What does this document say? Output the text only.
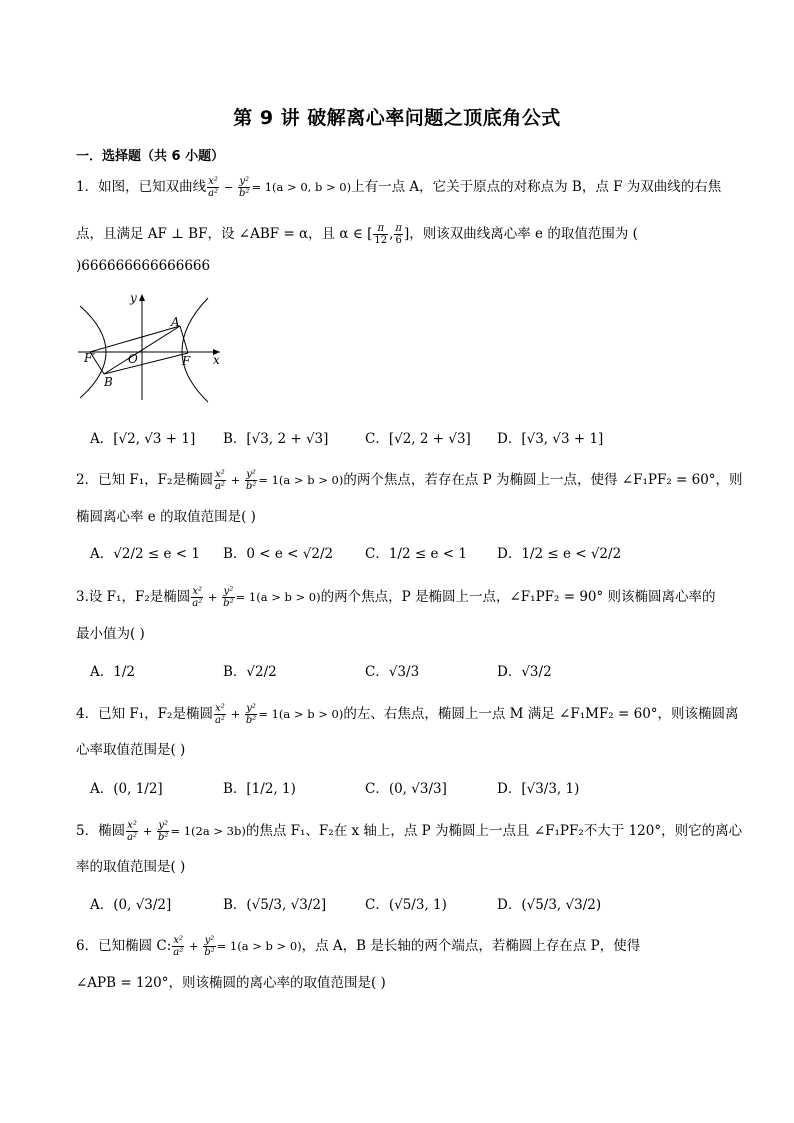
第 9 讲 破解离心率问题之顶底角公式
一．选择题（共 6 小题）
1．如图，已知双曲线 $\frac{\text{x²}}{\text{a²}} - \frac{\text{y²}}{\text{b²}} = 1(a > 0$, b > 0)上有一点 A，它关于原点的对称点为 B，点 F 为双曲线的右焦
点，且满足 AF ⊥ BF，设 ∠ABF = α，且 α ∈ [ $\frac{\pi}{12}$ , $\frac{\pi}{6}$ ]，则该双曲线离心率 e 的取值范围为 (
)666666666666666
y
x
A
B
O	F
F′
A．[√2, √3 + 1] B．[√3, 2 + √3]	C．[√2, 2 + √3] D．[√3, √3 + 1]
2．已知 F₁，F₂是椭圆 $\frac{\text{x²}}{\text{a²}} + \frac{\text{y²}}{\text{b²}} = 1(a > b > 0)$的两个焦点，若存在点 P 为椭圆上一点，使得 ∠F₁PF₂ = 60°，则
椭圆离心率 e 的取值范围是( )
A．√2/2 ≤ e < 1 B．0 < e < √2/2 C．1/2 ≤ e < 1 D．1/2 ≤ e < √2/2
3.设 F₁，F₂是椭圆 $\frac{\text{x²}}{\text{a²}} + \frac{\text{y²}}{\text{b²}} = 1(a > b > 0)$的两个焦点，P 是椭圆上一点，∠F₁PF₂ = 90° 则该椭圆离心率的
最小值为( )
A．1/2	B．√2/2	C．√3/3	D．√3/2
4．已知 F₁，F₂是椭圆 $\frac{\text{x²}}{\text{a²}} + \frac{\text{y²}}{\text{b²}} = 1(a > b > 0)$的左、右焦点，椭圆上一点 M 满足 ∠F₁MF₂ = 60°，则该椭圆离
心率取值范围是( )
A．(0, 1/2]	B．[1/2, 1)	C．(0, √3/3]	D．[√3/3, 1)
5．椭圆 $\frac{\text{x²}}{\text{a²}} + \frac{\text{y²}}{\text{b²}} = 1(2a > 3b)$的焦点 F₁、F₂在 x 轴上，点 P 为椭圆上一点且 ∠F₁PF₂不大于 120°，则它的离心
率的取值范围是( )
A．(0, √3/2]	B．(√5/3, √3/2]	C．(√5/3, 1)	D．(√5/3, √3/2)
6．已知椭圆 C: $\frac{\text{x²}}{\text{a²}} + \frac{\text{y²}}{\text{b²}} = 1(a > b > 0)$，点 A，B 是长轴的两个端点，若椭圆上存在点 P，使得
∠APB = 120°，则该椭圆的离心率的取值范围是( )
